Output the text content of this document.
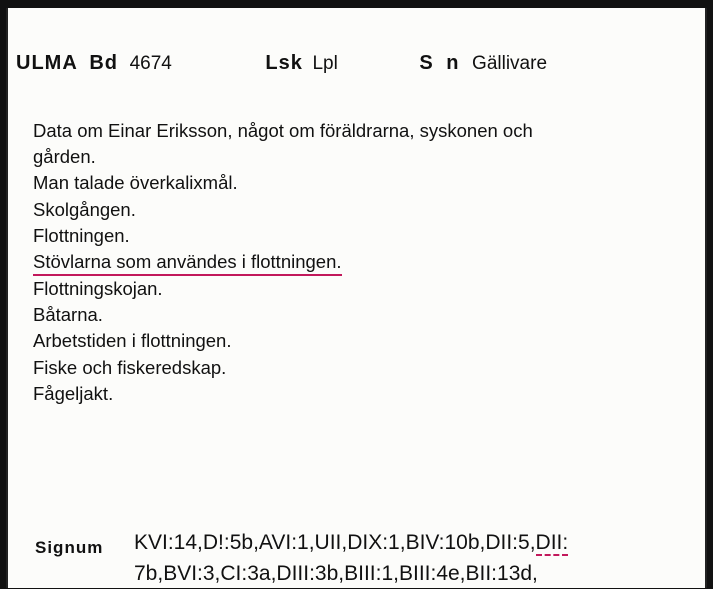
ULMA Bd 4674	Lsk Lpl	S n Gällivare
Data om Einar Eriksson, något om föräldrarna, syskonen och
gården.
Man talade överkalixmål.
Skolgången.
Flottningen.
Stövlarna som användes i flottningen.
Flottningskojan.
Båtarna.
Arbetstiden i flottningen.
Fiske och fiskeredskap.
Fågeljakt.
Signum KVI:14,D!:5b,AVI:1,UII,DIX:1,BIV:10b,DII:5,DII:
7b,BVI:3,CI:3a,DIII:3b,BIII:1,BIII:4e,BII:13d,
